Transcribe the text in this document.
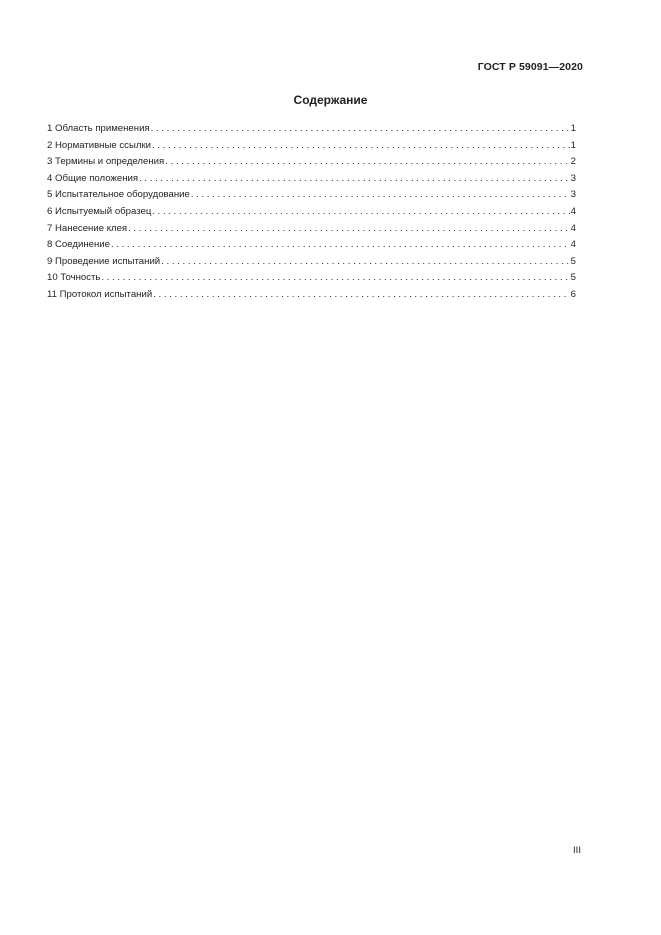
ГОСТ Р 59091—2020
Содержание
1 Область применения . . .	1
2 Нормативные ссылки . . .	1
3 Термины и определения . . .	2
4 Общие положения . . .	3
5 Испытательное оборудование . . .	3
6 Испытуемый образец . . .	4
7 Нанесение клея . . .	4
8 Соединение . . .	4
9 Проведение испытаний . . .	5
10 Точность . . .	5
11 Протокол испытаний . . .	6
III
